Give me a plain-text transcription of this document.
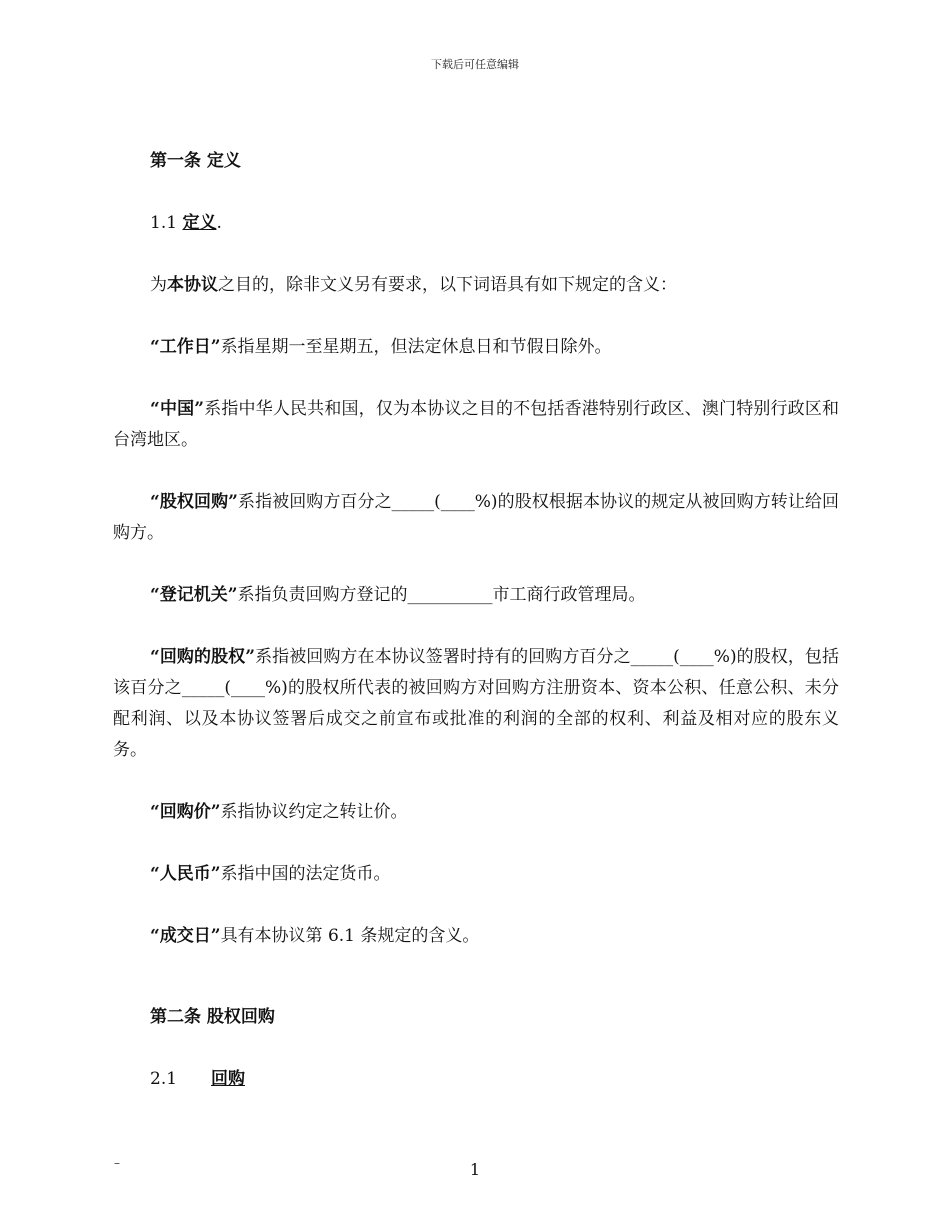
下载后可任意编辑
第一条 定义
1.1 定义.
为本协议之目的，除非文义另有要求，以下词语具有如下规定的含义：
“工作日”系指星期一至星期五，但法定休息日和节假日除外。
“中国”系指中华人民共和国，仅为本协议之目的不包括香港特别行政区、澳门特别行政区和台湾地区。
“股权回购”系指被回购方百分之_____(____%)的股权根据本协议的规定从被回购方转让给回购方。
“登记机关”系指负责回购方登记的__________市工商行政管理局。
“回购的股权”系指被回购方在本协议签署时持有的回购方百分之_____(____%)的股权，包括该百分之_____(____%)的股权所代表的被回购方对回购方注册资本、资本公积、任意公积、未分配利润、以及本协议签署后成交之前宣布或批准的利润的全部的权利、利益及相对应的股东义务。
“回购价”系指协议约定之转让价。
“人民币”系指中国的法定货币。
“成交日”具有本协议第 6.1 条规定的含义。
第二条 股权回购
2.1 回购
–	1
